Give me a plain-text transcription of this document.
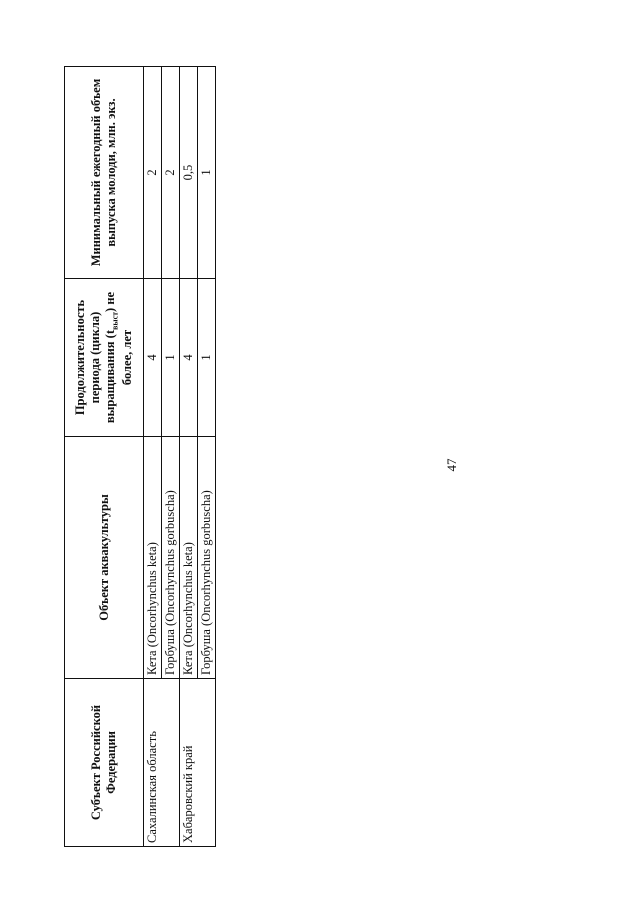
47
Субъект Российской Федерации	Объект аквакультуры	Продолжительность периода (цикла) выращивания $(t_{выст})$ не более, лет	Минимальный ежегодный объем выпуска молоди, млн. экз.
Сахалинская область	Кета (Oncorhynchus keta)	4	2
	Горбуша (Oncorhynchus gorbuscha)	1	2
Хабаровский край	Кета (Oncorhynchus keta)	4	0,5
	Горбуша (Oncorhynchus gorbuscha)	1	1
